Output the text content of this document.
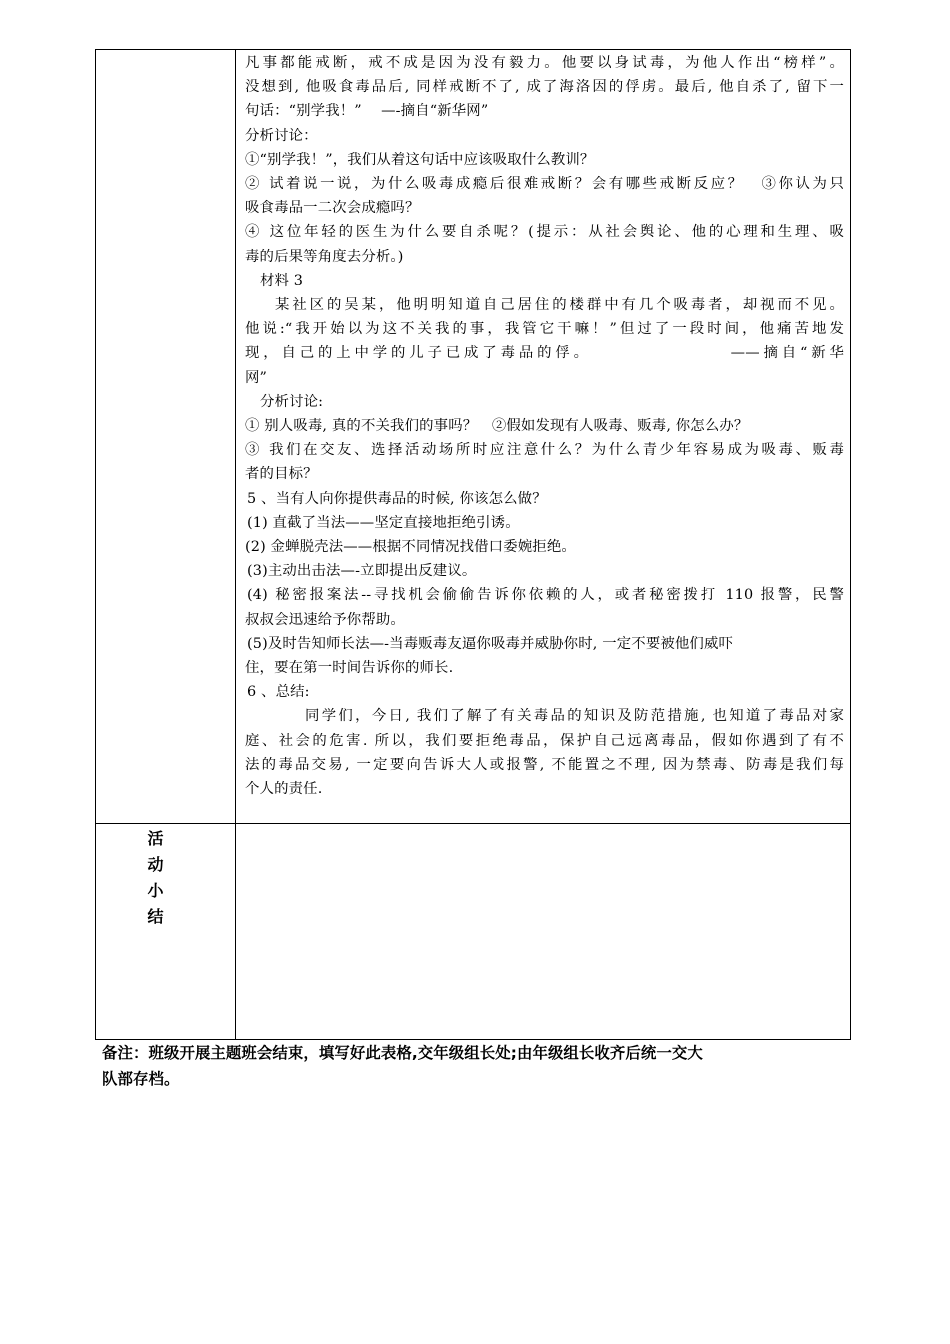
凡事都能戒断，戒不成是因为没有毅力。他要以身试毒，为他人作出“榜样”。
没想到, 他吸食毒品后, 同样戒断不了, 成了海洛因的俘虏。最后, 他自杀了, 留下一
句话：“别学我！”　 —-摘自“新华网”
分析讨论：
①“别学我！”，我们从着这句话中应该吸取什么教训？
② 试着说一说，为什么吸毒成瘾后很难戒断？会有哪些戒断反应？　③你认为只
吸食毒品一二次会成瘾吗？
④ 这位年轻的医生为什么要自杀呢？(提示：从社会舆论、他的心理和生理、吸
毒的后果等角度去分析。)
材料 3
某社区的吴某，他明明知道自己居住的楼群中有几个吸毒者，却视而不见。
他说:“我开始以为这不关我的事，我管它干嘛！”但过了一段时间，他痛苦地发
现，自己的上中学的儿子已成了毒品的俘。　　　　　　　　——摘自“新华
网”
分析讨论:
① 别人吸毒, 真的不关我们的事吗？　②假如发现有人吸毒、贩毒, 你怎么办？
③ 我们在交友、选择活动场所时应注意什么？为什么青少年容易成为吸毒、贩毒
者的目标？
5 、当有人向你提供毒品的时候, 你该怎么做？
(1) 直截了当法——坚定直接地拒绝引诱。
(2) 金蝉脱壳法——根据不同情况找借口委婉拒绝。
(3)主动出击法—-立即提出反建议。
(4) 秘密报案法--寻找机会偷偷告诉你依赖的人，或者秘密拨打 110 报警，民警
叔叔会迅速给予你帮助。
(5)及时告知师长法—-当毒贩毒友逼你吸毒并威胁你时, 一定不要被他们威吓
住，要在第一时间告诉你的师长.
6 、总结:
同学们，今日, 我们了解了有关毒品的知识及防范措施, 也知道了毒品对家
庭、社会的危害. 所以，我们要拒绝毒品，保护自己远离毒品，假如你遇到了有不
法的毒品交易, 一定要向告诉大人或报警, 不能置之不理, 因为禁毒、防毒是我们每
个人的责任.
活
动
小
结
备注：班级开展主题班会结束，填写好此表格,交年级组长处;由年级组长收齐后统一交大
队部存档。
